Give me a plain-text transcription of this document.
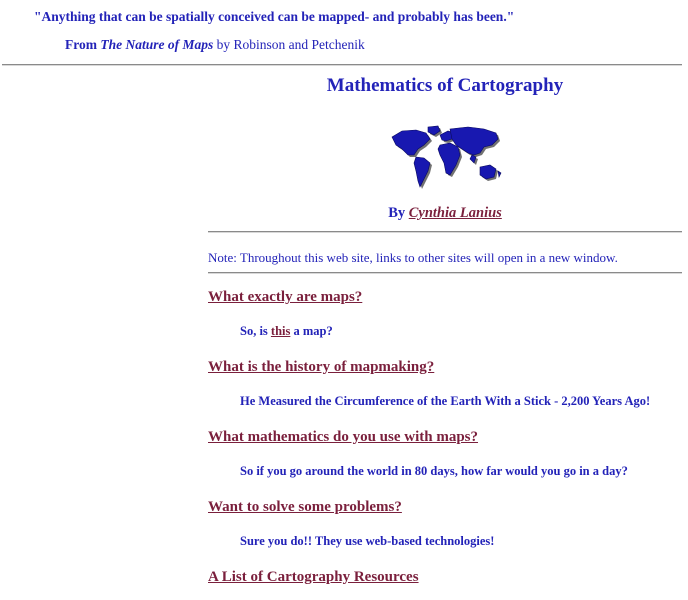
"Anything that can be spatially conceived can be mapped- and probably has been."
From The Nature of Maps by Robinson and Petchenik
Mathematics of Cartography
By Cynthia Lanius
Note: Throughout this web site, links to other sites will open in a new window.
What exactly are maps?
So, is this a map?
What is the history of mapmaking?
He Measured the Circumference of the Earth With a Stick - 2,200 Years Ago!
What mathematics do you use with maps?
So if you go around the world in 80 days, how far would you go in a day?
Want to solve some problems?
Sure you do!! They use web-based technologies!
A List of Cartography Resources
